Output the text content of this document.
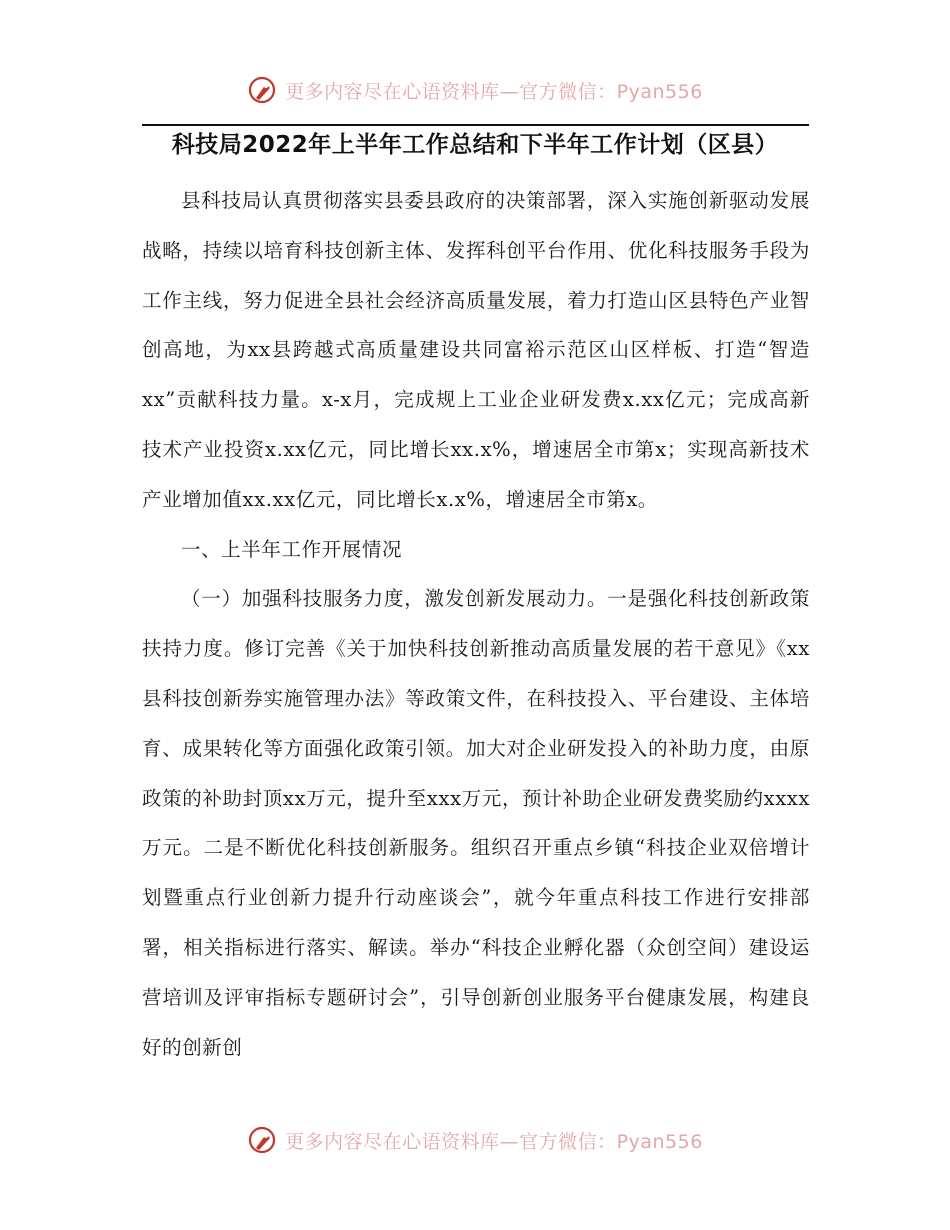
更多内容尽在心语资料库—官方微信：Pyan556
科技局2022年上半年工作总结和下半年工作计划（区县）

县科技局认真贯彻落实县委县政府的决策部署，深入实施创新驱动发展战略，持续以培育科技创新主体、发挥科创平台作用、优化科技服务手段为工作主线，努力促进全县社会经济高质量发展，着力打造山区县特色产业智创高地，为xx县跨越式高质量建设共同富裕示范区山区样板、打造“智造xx”贡献科技力量。x-x月，完成规上工业企业研发费x.xx亿元；完成高新技术产业投资x.xx亿元，同比增长xx.x%，增速居全市第x；实现高新技术产业增加值xx.xx亿元，同比增长x.x%，增速居全市第x。

一、上半年工作开展情况

（一）加强科技服务力度，激发创新发展动力。一是强化科技创新政策扶持力度。修订完善《关于加快科技创新推动高质量发展的若干意见》《xx县科技创新券实施管理办法》等政策文件，在科技投入、平台建设、主体培育、成果转化等方面强化政策引领。加大对企业研发投入的补助力度，由原政策的补助封顶xx万元，提升至xxx万元，预计补助企业研发费奖励约xxxx万元。二是不断优化科技创新服务。组织召开重点乡镇“科技企业双倍增计划暨重点行业创新力提升行动座谈会”，就今年重点科技工作进行安排部署，相关指标进行落实、解读。举办“科技企业孵化器（众创空间）建设运营培训及评审指标专题研讨会”，引导创新创业服务平台健康发展，构建良好的创新创

更多内容尽在心语资料库—官方微信：Pyan556
